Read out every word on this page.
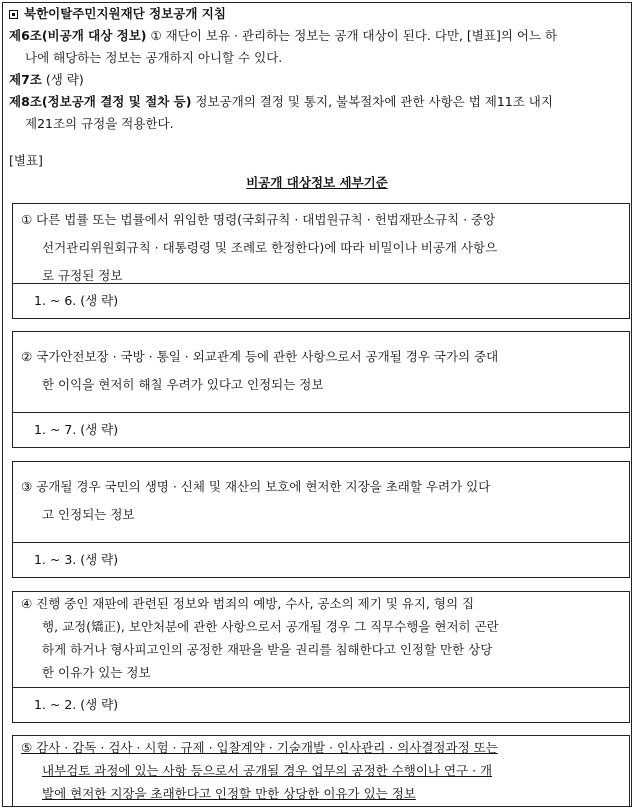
북한이탈주민지원재단 정보공개 지침
제6조(비공개 대상 정보) ① 재단이 보유 · 관리하는 정보는 공개 대상이 된다. 다만, [별표]의 어느 하
나에 해당하는 정보는 공개하지 아니할 수 있다.
제7조 (생 략)
제8조(정보공개 결정 및 절차 등) 정보공개의 결정 및 통지, 불복절차에 관한 사항은 법 제11조 내지
제21조의 규정을 적용한다.
[별표]
비공개 대상정보 세부기준
① 다른 법률 또는 법률에서 위임한 명령(국회규칙 · 대법원규칙 · 헌법재판소규칙 · 중앙
선거관리위원회규칙 · 대통령령 및 조례로 한정한다)에 따라 비밀이나 비공개 사항으
로 규정된 정보
1. ~ 6. (생 략)
② 국가안전보장 · 국방 · 통일 · 외교관계 등에 관한 사항으로서 공개될 경우 국가의 중대
한 이익을 현저히 해칠 우려가 있다고 인정되는 정보
1. ~ 7. (생 략)
③ 공개될 경우 국민의 생명 · 신체 및 재산의 보호에 현저한 지장을 초래할 우려가 있다
고 인정되는 정보
1. ~ 3. (생 략)
④ 진행 중인 재판에 관련된 정보와 범죄의 예방, 수사, 공소의 제기 및 유지, 형의 집
행, 교정(矯正), 보안처분에 관한 사항으로서 공개될 경우 그 직무수행을 현저히 곤란
하게 하거나 형사피고인의 공정한 재판을 받을 권리를 침해한다고 인정할 만한 상당
한 이유가 있는 정보
1. ~ 2. (생 략)
⑤ 감사 · 감독 · 검사 · 시험 · 규제 · 입찰계약 · 기술개발 · 인사관리 · 의사결정과정 또는
내부검토 과정에 있는 사항 등으로서 공개될 경우 업무의 공정한 수행이나 연구 · 개
발에 현저한 지장을 초래한다고 인정할 만한 상당한 이유가 있는 정보
